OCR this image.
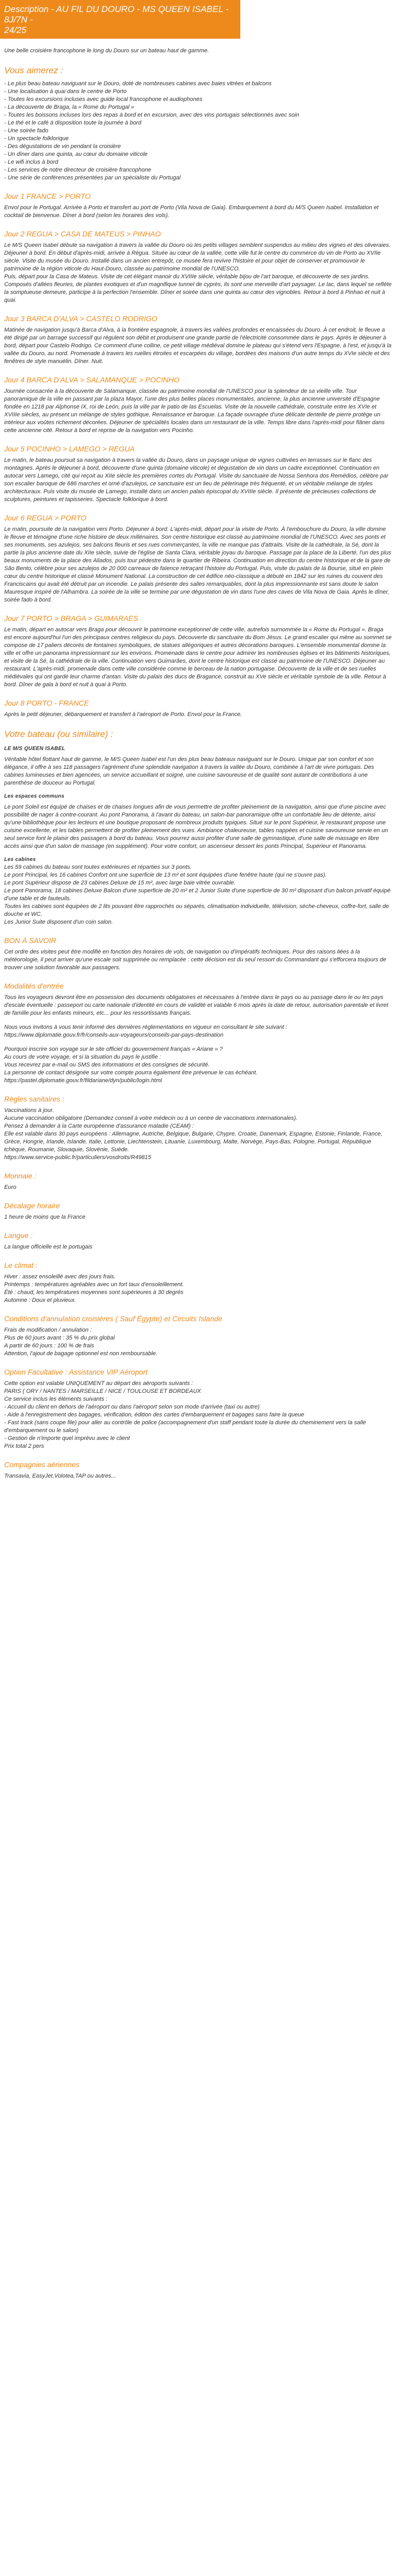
Description - AU FIL DU DOURO - MS QUEEN ISABEL - 8J/7N -
24/25

Une belle croisière francophone le long du Douro sur un bateau haut de gamme.

Vous aimerez :
- Le plus beau bateau naviguant sur le Douro, doté de nombreuses cabines avec baies vitrées et balcons
- Une localisation à quai dans le centre de Porto
- Toutes les excursions incluses avec guide local francophone et audiophones
- La découverte de Braga, la « Rome du Portugal »
- Toutes les boissons incluses lors des repas à bord et en excursion, avec des vins portugais sélectionnés avec soin
- Le thé et le café à disposition toute la journée à bord
- Une soirée fado
- Un spectacle folklorique
- Des dégustations de vin pendant la croisière
- Un dîner dans une quinta, au cœur du domaine viticole
- Le wifi inclus à bord
- Les services de notre directeur de croisière francophone
- Une série de conférences présentées par un spécialiste du Portugal
Jour 1 FRANCE > PORTO

Envol pour le Portugal. Arrivée à Porto et transfert au port de Porto (Vila Nova de Gaia). Embarquement à bord du M/S Queen Isabel. Installation et cocktail de bienvenue. Dîner à bord (selon les horaires des vols).

Jour 2 REGUA > CASA DE MATEUS > PINHAO

Le M/S Queen Isabel débute sa navigation à travers la vallée du Douro où les petits villages semblent suspendus au milieu des vignes et des oliveraies. Déjeuner à bord. En début d'après-midi, arrivée à Régua. Située au cœur de la vallée, cette ville fut le centre du commerce du vin de Porto au XVIIe siècle. Visite du musée du Douro. Installé dans un ancien entrepôt, ce musée fera revivre l'histoire et pour objet de conserver et promouvoir le patrimoine de la région viticole du Haut-Douro, classée au patrimoine mondial de l'UNESCO.
Puis, départ pour la Casa de Mateus. Visite de cet élégant manoir du XVIIIe siècle, véritable bijou de l'art baroque, et découverte de ses jardins. Composés d'allées fleuries, de plantes exotiques et d'un magnifique tunnel de cyprès, ils sont une merveille d'art paysager. Le lac, dans lequel se reflète la somptueuse demeure, participe à la perfection l'ensemble. Dîner et soirée dans une quinta au cœur des vignobles. Retour à bord à Pinhao et nuit à quai.

Jour 3 BARCA D'ALVA > CASTELO RODRIGO

Matinée de navigation jusqu'à Barca d'Alva, à la frontière espagnole, à travers les vallées profondes et encaissées du Douro. À cet endroit, le fleuve a été dirigé par un barrage successif qui régulent son débit et produisent une grande partie de l'électricité consommée dans le pays. Après le déjeuner à bord, départ pour Castelo Rodrigo. Ce comment d'une colline, ce petit village médiéval domine le plateau qui s'étend vers l'Espagne, à l'est, et jusqu'à la vallée du Douro, au nord. Promenade à travers les ruelles étroites et escarpées du village, bordées des maisons d'un autre temps du XVIe siècle et des fenêtres de style manuélin. Dîner. Nuit.

Jour 4 BARCA D'ALVA > SALAMANQUE > POCINHO

Journée consacrée à la découverte de Salamanque, classée au patrimoine mondial de l'UNESCO pour la splendeur de sa vieille ville. Tour panoramique de la ville en passant par la plaza Mayor, l'une des plus belles places monumentales, ancienne, la plus ancienne université d'Espagne fondée en 1218 par Alphonse IX, roi de León, puis la ville par le patio de las Escuelas. Visite de la nouvelle cathédrale, construite entre les XVIe et XVIIIe siècles, au présent un mélange de styles gothique, Renaissance et baroque. La façade ouvragée d'une délicate dentelle de pierre protège un intérieur aux voûtes richement décorées. Déjeuner de spécialités locales dans un restaurant de la ville. Temps libre dans l'après-midi pour flâner dans cette ancienne cité. Retour à bord et reprise de la navigation vers Pocinho.

Jour 5 POCINHO > LAMEGO > REGUA

Le matin, le bateau poursuit sa navigation à travers la vallée du Douro, dans un paysage unique de vignes cultivées en terrasses sur le flanc des montagnes. Après le déjeuner à bord, découverte d'une quinta (domaine viticole) et dégustation de vin dans un cadre exceptionnel. Continuation en autocar vers Lamego, cité qui reçoit au XIIe siècle les premières cortes du Portugal. Visite du sanctuaire de Nossa Senhora dos Remédios, célèbre par son escalier baroque de 686 marches et orné d'azulejos, ce sanctuaire est un lieu de pèlerinage très fréquenté, et un véritable mélange de styles architecturaux. Puis visite du musée de Lamego, installé dans un ancien palais épiscopal du XVIIIe siècle. Il présente de précieuses collections de sculptures, peintures et tapisseries. Spectacle folklorique à bord.

Jour 6 REGUA > PORTO

Le matin, poursuite de la navigation vers Porto. Déjeuner à bord. L'après-midi, départ pour la visite de Porto. À l'embouchure du Douro, la ville domine le fleuve et témoigne d'une riche histoire de deux millénaires. Son centre historique est classé au patrimoine mondial de l'UNESCO. Avec ses ponts et ses monuments, ses azulejos, ses balcons fleuris et ses rues commerçantes, la ville ne manque pas d'attraits. Visite de la cathédrale, la Sé, dont la partie la plus ancienne date du XIIe siècle, suivie de l'église de Santa Clara, véritable joyau du baroque. Passage par la place de la Liberté, l'un des plus beaux monuments de la place des Aliados, puis tour pédestre dans le quartier de Ribeira. Continuation en direction du centre historique et de la gare de São Bento, célèbre pour ses azulejos de 20 000 carreaux de faïence retraçant l'histoire du Portugal. Puis, visite du palais de la Bourse, situé en plein cœur du centre historique et classé Monument National. La construction de cet édifice néo-classique a débuté en 1842 sur les ruines du couvent des Franciscains qui avait été détruit par un incendie. Le palais présente des salles remarquables, dont la plus impressionnante est sans doute le salon Mauresque inspiré de l'Alhambra. La soirée de la ville se termine par une dégustation de vin dans l'une des caves de Vila Nova de Gaia. Après le dîner, soirée fado à bord.

Jour 7 PORTO > BRAGA > GUIMARAES

Le matin, départ en autocar vers Braga pour découvrir le patrimoine exceptionnel de cette ville, autrefois surnommée la « Rome du Portugal ». Braga est encore aujourd'hui l'un des principaux centres religieux du pays. Découverte du sanctuaire du Bom Jésus. Le grand escalier qui mène au sommet se compose de 17 paliers décorés de fontaines symboliques, de statues allégoriques et autres décorations baroques. L'ensemble monumental domine la ville et offre un panorama impressionnant sur les environs. Promenade dans le centre pour admirer les nombreuses églises et les bâtiments historiques, et visite de la Sé, la cathédrale de la ville. Continuation vers Guimarães, dont le centre historique est classé au patrimoine de l'UNESCO. Déjeuner au restaurant. L'après-midi, promenade dans cette ville considérée comme le berceau de la nation portugaise. Découverte de la ville et de ses ruelles médiévales qui ont gardé leur charme d'antan. Visite du palais des ducs de Bragance, construit au XVe siècle et véritable symbole de la ville. Retour à bord. Dîner de gala à bord et nuit à quai à Porto.

Jour 8 PORTO - FRANCE

Après le petit déjeuner, débarquement et transfert à l'aéroport de Porto. Envol pour la France.

Votre bateau (ou similaire) :

LE M/S QUEEN ISABEL

Véritable hôtel flottant haut de gamme, le M/S Queen Isabel est l'un des plus beau bateaux naviguant sur le Douro. Unique par son confort et son élégance, il offre à ses 118 passagers l'agrément d'une splendide navigation à travers la vallée du Douro, combinée à l'art de vivre portugais. Des cabines lumineuses et bien agencées, un service accueillant et soigné, une cuisine savoureuse et de qualité sont autant de contributions à une parenthèse de douceur au Portugal.

Les espaces communs

Le pont Soleil est équipé de chaises et de chaises longues afin de vous permettre de profiter pleinement de la navigation, ainsi que d'une piscine avec possibilité de nager à contre-courant. Au pont Panorama, à l'avant du bateau, un salon-bar panoramique offre un confortable lieu de détente, ainsi qu'une bibliothèque pour les lecteurs et une boutique proposant de nombreux produits typiques. Situé sur le pont Supérieur, le restaurant propose une cuisine excellente, et les tables permettent de profiter pleinement des vues. Ambiance chaleureuse, tables nappées et cuisine savoureuse servie en un seul service font le plaisir des passagers à bord du bateau. Vous pourrez aussi profiter d'une salle de gymnastique, d'une salle de massage en libre accès ainsi que d'un salon de massage (en supplément). Pour votre confort, un ascenseur dessert les ponts Principal, Supérieur et Panorama.

Les cabines

Les 59 cabines du bateau sont toutes extérieures et réparties sur 3 ponts.
Le pont Principal, les 16 cabines Confort ont une superficie de 13 m² et sont équipées d'une fenêtre haute (qui ne s'ouvre pas).
Le pont Supérieur dispose de 23 cabines Deluxe de 15 m², avec large baie vitrée ouvrable.
Le pont Panorama, 18 cabines Deluxe Balcon d'une superficie de 20 m² et 2 Junior Suite d'une superficie de 30 m² disposant d'un balcon privatif équipé d'une table et de fauteuils.
Toutes les cabines sont équipées de 2 lits pouvant être rapprochés ou séparés, climatisation individuelle, télévision, sèche-cheveux, coffre-fort, salle de douche et WC.
Les Junior Suite disposent d'un coin salon.
BON À SAVOIR

Cet ordre des visites peut être modifié en fonction des horaires de vols, de navigation ou d'impératifs techniques. Pour des raisons liées à la météorologie, il peut arriver qu'une escale soit supprimée ou remplacée : cette décision est du seul ressort du Commandant qui s'efforcera toujours de trouver une solution favorable aux passagers.

Modalités d'entrée

Tous les voyageurs devront être en possession des documents obligatoires et nécessaires à l'entrée dans le pays ou au passage dans le ou les pays d'escale éventuelle : passeport ou carte nationale d'identité en cours de validité et valable 6 mois après la date de retour, autorisation parentale et livret de famille pour les enfants mineurs, etc... pour les ressortissants français.

Nous vous invitons à vous tenir informé des dernières réglementations en vigueur en consultant le site suivant : https://www.diplomatie.gouv.fr/fr/conseils-aux-voyageurs/conseils-par-pays-destination

Pourquoi inscrire son voyage sur le site officiel du gouvernement français « Ariane » ?
Au cours de votre voyage, et si la situation du pays le justifie :
Vous recevrez par e-mail ou SMS des informations et des consignes de sécurité.
La personne de contact désignée sur votre compte pourra également être prévenue le cas échéant.
https://pastel.diplomatie.gouv.fr/fildariane/dyn/public/login.html

Règles sanitaires :

Vaccinations à jour.
Aucune vaccination obligatoire (Demandez conseil à votre médecin ou à un centre de vaccinations internationales).
Pensez à demander à la Carte européenne d'assurance maladie (CEAM) :
Elle est valable dans 30 pays européens : Allemagne, Autriche, Belgique, Bulgarie, Chypre, Croatie, Danemark, Espagne, Estonie, Finlande, France, Grèce, Hongrie, Irlande, Islande, Italie, Lettonie, Liechtenstein, Lituanie, Luxembourg, Malte, Norvège, Pays-Bas, Pologne, Portugal, République tchèque, Roumanie, Slovaquie, Slovénie, Suède.
https://www.service-public.fr/particuliers/vosdroits/R49815

Monnaie :

Euro

Décalage horaire

1 heure de moins que la France

Langue :

La langue officielle est le portugais

Le climat :

Hiver : assez ensoleillé avec des jours frais.
Printemps : températures agréables avec un fort taux d'ensoleillement.
Été : chaud, les températures moyennes sont supérieures à 30 degrés
Automne : Doux et pluvieux.

Conditions d'annulation croisières ( Sauf Égypte) et Circuits Islande

Frais de modification / annulation :
Plus de 60 jours avant : 35 % du prix global
A partir de 60 jours : 100 % de frais
Attention, l'ajout de bagage optionnel est non remboursable.

Option Facultative : Assistance VIP Aéroport

Cette option est valable UNIQUEMENT au départ des aéroports suivants :
PARIS ( ORY / NANTES / MARSEILLE / NICE / TOULOUSE ET BORDEAUX
Ce service inclus les éléments suivants :
- Accueil du client en dehors de l'aéroport ou dans l'aéroport selon son mode d'arrivée (taxi ou autre)
- Aide à l'enregistrement des bagages, vérification, édition des cartes d'embarquement et bagages sans faire la queue
- Fast track (sans coupe file) pour aller au contrôle de police (accompagnement d'un staff pendant toute la durée du cheminement vers la salle d'embarquement ou le salon)
- Gestion de n'importe quel imprévu avec le client
Prix total 2 pers

Compagnies aériennes

Transavia, EasyJet,Volotea,TAP ou autres...
